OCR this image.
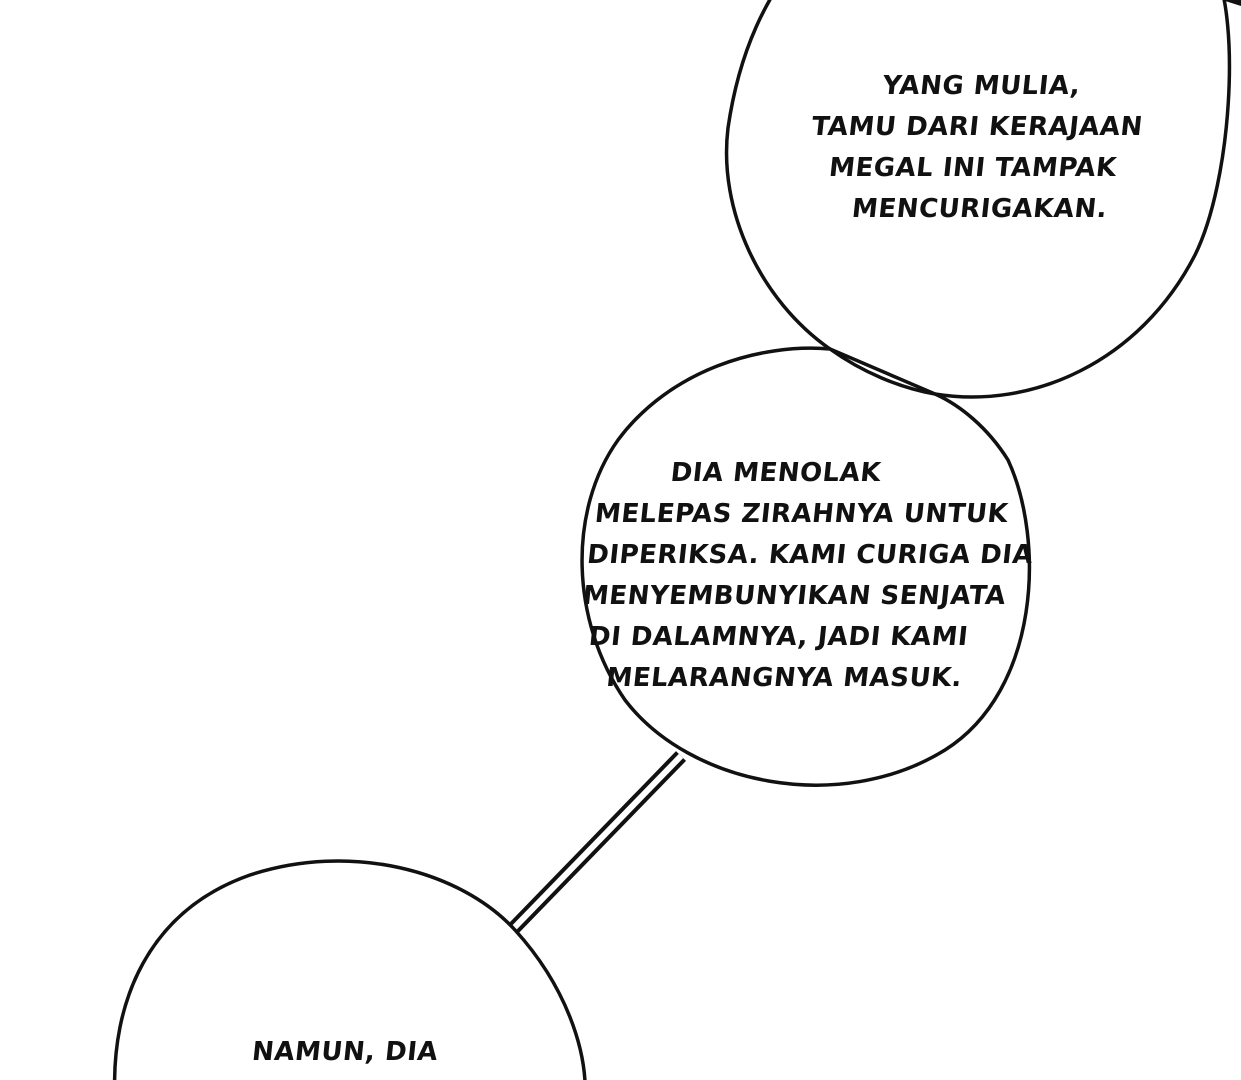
YANG MULIA,
TAMU DARI KERAJAAN
MEGAL INI TAMPAK
MENCURIGAKAN.
DIA MENOLAK
MELEPAS ZIRAHNYA UNTUK
DIPERIKSA. KAMI CURIGA DIA
MENYEMBUNYIKAN SENJATA
DI DALAMNYA, JADI KAMI
MELARANGNYA MASUK.
NAMUN, DIA
